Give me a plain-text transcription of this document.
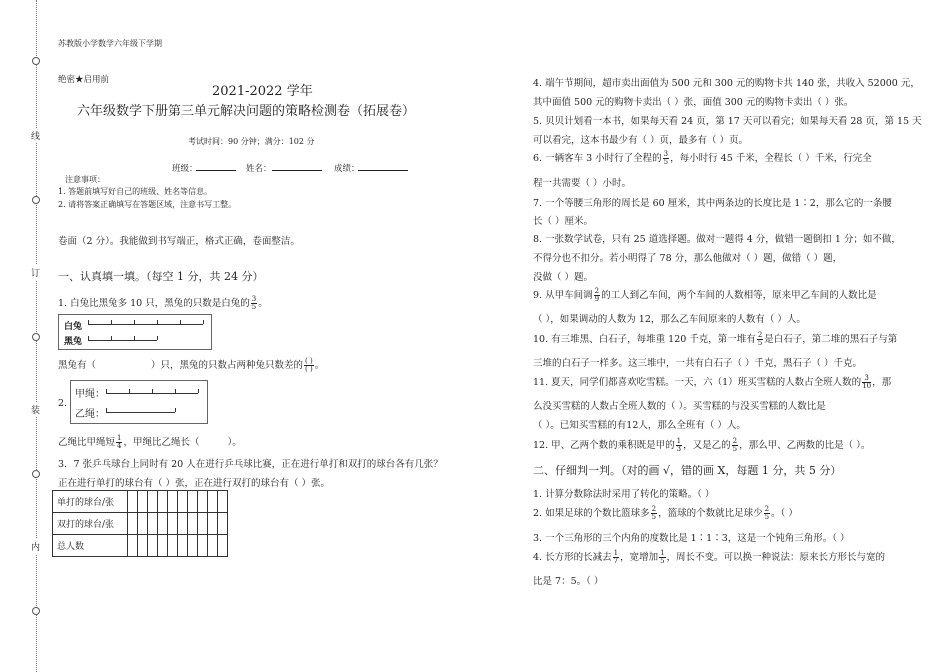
线
订
装
内
苏教版小学数学六年级下学期
绝密★启用前
2021-2022 学年
六年级数学下册第三单元解决问题的策略检测卷（拓展卷）
考试时间：90 分钟；满分：102 分
班级：	姓名：	成绩：
注意事项：
1. 答题前填写好自己的班级、姓名等信息。
2. 请将答案正确填写在答题区域，注意书写工整。
卷面（2 分）。我能做到书写端正，格式正确，卷面整洁。
一、认真填一填。（每空 1 分，共 24 分）
1. 白兔比黑兔多 10 只，黑兔的只数是白兔的 $\frac{3}{5}$ 。
白兔
黑兔
黑兔有（	）只，黑兔的只数占两种兔只数差的 $\frac{( )}{( )}$ 。
2.
甲绳：
乙绳：
乙绳比甲绳短 $\frac{1}{4}$ ，甲绳比乙绳长（	）。
3．7 张乒乓球台上同时有 20 人在进行乒乓球比赛，正在进行单打和双打的球台各有几张？
正在进行单打的球台有（ ）张，正在进行双打的球台有（ ）张。
单打的球台/张										
双打的球台/张										
总人数										
4. 端午节期间，超市卖出面值为 500 元和 300 元的购物卡共 140 张，共收入 52000 元，
其中面值 500 元的购物卡卖出（ ）张，面值 300 元的购物卡卖出（ ）张。
5. 贝贝计划看一本书，如果每天看 24 页，第 17 天可以看完；如果每天看 28 页，第 15 天
可以看完，这本书最少有（ ）页，最多有（ ）页。
6. 一辆客车 3 小时行了全程的 $\frac{3}{5}$ ，每小时行 45 千米，全程长（ ）千米，行完全
程一共需要（ ）小时。
7. 一个等腰三角形的周长是 60 厘米，其中两条边的长度比是 1∶2，那么它的一条腰
长（ ）厘米。
8. 一张数学试卷，只有 25 道选择题。做对一题得 4 分，做错一题倒扣 1 分；如不做，
不得分也不扣分。若小明得了 78 分，那么他做对（ ）题，做错（ ）题，
没做（ ）题。
9. 从甲车间调 $\frac{2}{9}$ 的工人到乙车间，两个车间的人数相等，原来甲乙车间的人数比是
（ ），如果调动的人数为 12，那么乙车间原来的人数有（ ）人。
10. 有三堆黑、白石子，每堆重 120 千克，第一堆有 $\frac{2}{5}$ 是白石子，第二堆的黑石子与第
三堆的白石子一样多。这三堆中，一共有白石子（ ）千克，黑石子（ ）千克。
11. 夏天，同学们都喜欢吃雪糕。一天，六（1）班买雪糕的人数占全班人数的 $\frac{3}{10}$ ，那
么没买雪糕的人数占全班人数的（ ）。买雪糕的与没买雪糕的人数比是
（ ）。已知买雪糕的有12人，那么全班有（ ）人。
12. 甲、乙两个数的乘积既是甲的 $\frac{1}{3}$ ，又是乙的 $\frac{2}{5}$ ，那么甲、乙两数的比是（ ）。
二、仔细判一判。（对的画 √，错的画 X，每题 1 分，共 5 分）
1. 计算分数除法时采用了转化的策略。（ ）
2. 如果足球的个数比篮球多 $\frac{2}{5}$ ，篮球的个数就比足球少 $\frac{2}{5}$ 。（ ）
3. 一个三角形的三个内角的度数比是 1∶1∶3，这是一个钝角三角形。（ ）
4. 长方形的长减去 $\frac{1}{7}$ ，宽增加 $\frac{1}{5}$ ，周长不变。可以换一种说法：原来长方形长与宽的
比是 7：5。（ ）
